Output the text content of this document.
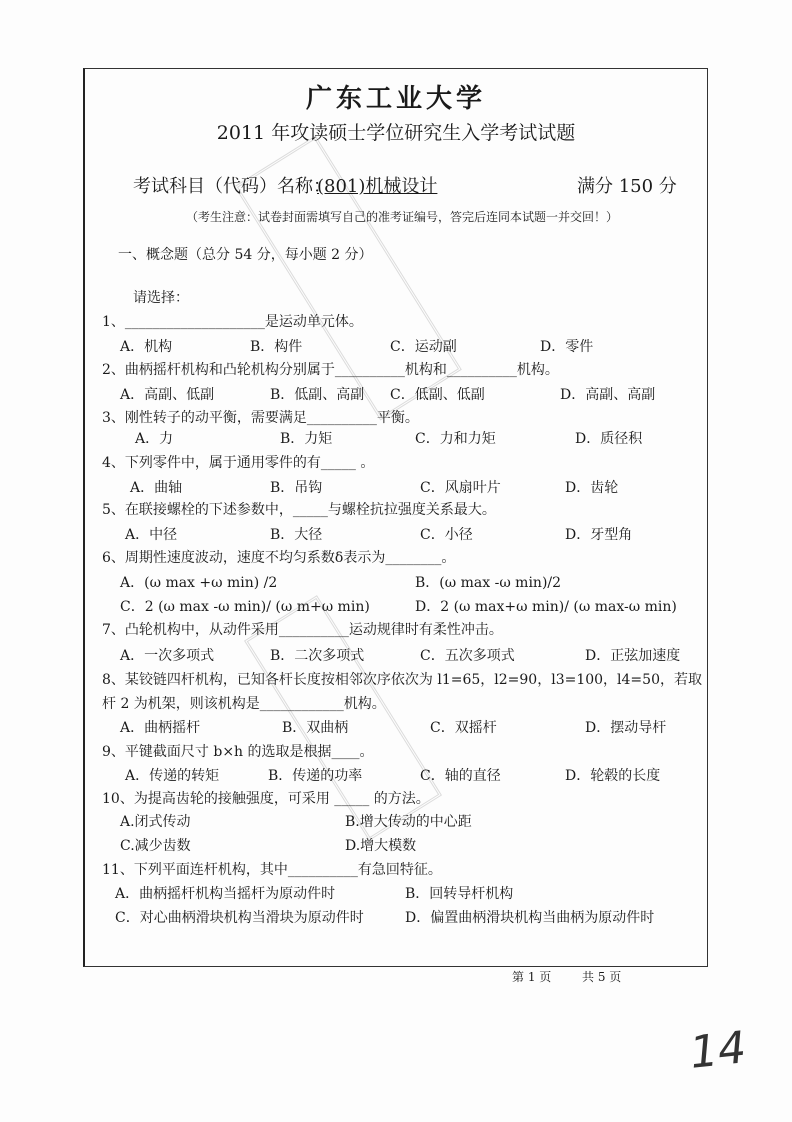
广东工业大学
2011 年攻读硕士学位研究生入学考试试题
考试科目（代码）名称：
(801)机械设计	满分 150 分
（考生注意：试卷封面需填写自己的准考证编号，答完后连同本试题一并交回！）
一、概念题（总分 54 分，每小题 2 分）
请选择：
1、____________________是运动单元体。
A．机构	B．构件	C．运动副	D．零件
2、曲柄摇杆机构和凸轮机构分别属于__________机构和__________机构。
A．高副、低副	B．低副、高副 C．低副、低副	D．高副、高副
3、刚性转子的动平衡，需要满足__________平衡。
A．力	B．力矩	C．力和力矩	D．质径积
4、下列零件中，属于通用零件的有_____ 。
A．曲轴	B．吊钩	C．风扇叶片	D．齿轮
5、在联接螺栓的下述参数中，_____与螺栓抗拉强度关系最大。
A．中径	B．大径	C．小径	D．牙型角
6、周期性速度波动，速度不均匀系数δ表示为________。
A．(ω max +ω min) /2	B．(ω max -ω min)/2
C．2 (ω max -ω min)/ (ω m+ω min)	D．2 (ω max+ω min)/ (ω max-ω min)
7、凸轮机构中，从动件采用__________运动规律时有柔性冲击。
A．一次多项式	B．二次多项式	C．五次多项式	D．正弦加速度
8、某铰链四杆机构，已知各杆长度按相邻次序依次为 l1=65，l2=90，l3=100，l4=50，若取
杆 2 为机架，则该机构是____________机构。
A．曲柄摇杆	B．双曲柄	C．双摇杆	D．摆动导杆
9、平键截面尺寸 b×h 的选取是根据____。
A．传递的转矩	B．传递的功率	C．轴的直径	D．轮毂的长度
10、为提高齿轮的接触强度，可采用 _____ 的方法。
A.闭式传动	B.增大传动的中心距
C.减少齿数	D.增大模数
11、下列平面连杆机构，其中__________有急回特征。
A．曲柄摇杆机构当摇杆为原动件时	B．回转导杆机构
C．对心曲柄滑块机构当滑块为原动件时	D．偏置曲柄滑块机构当曲柄为原动件时
第 1 页	共 5 页
14
